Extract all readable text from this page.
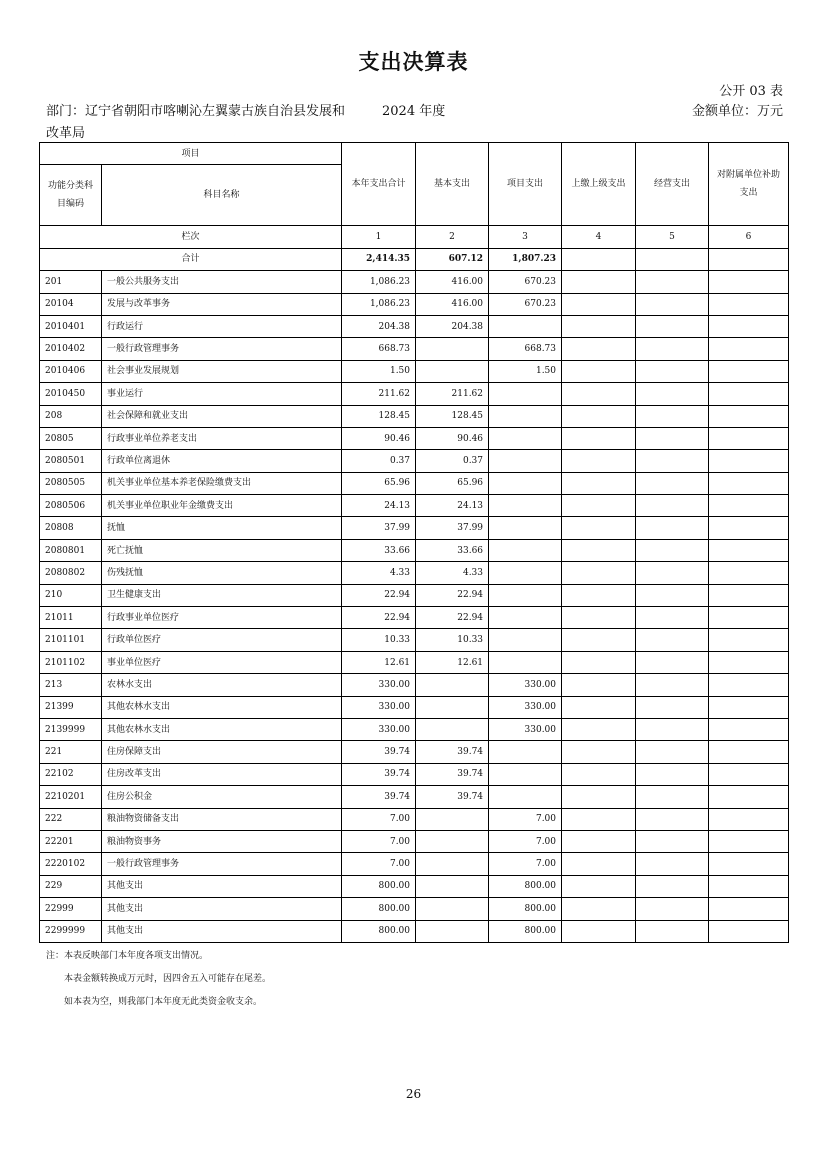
支出决算表
公开 03 表
部门：辽宁省朝阳市喀喇沁左翼蒙古族自治县发展和改革局
2024 年度	金额单位：万元
项目		本年支出合计	基本支出	项目支出	上缴上级支出	经营支出	对附属单位补助支出
功能分类科目编码	科目名称						
栏次		1	2	3	4	5	6
合计		2,414.35	607.12	1,807.23			
201	一般公共服务支出	1,086.23	416.00	670.23			
20104	发展与改革事务	1,086.23	416.00	670.23			
2010401	行政运行	204.38	204.38				
2010402	一般行政管理事务	668.73		668.73			
2010406	社会事业发展规划	1.50		1.50			
2010450	事业运行	211.62	211.62				
208	社会保障和就业支出	128.45	128.45				
20805	行政事业单位养老支出	90.46	90.46				
2080501	行政单位离退休	0.37	0.37				
2080505	机关事业单位基本养老保险缴费支出	65.96	65.96				
2080506	机关事业单位职业年金缴费支出	24.13	24.13				
20808	抚恤	37.99	37.99				
2080801	死亡抚恤	33.66	33.66				
2080802	伤残抚恤	4.33	4.33				
210	卫生健康支出	22.94	22.94				
21011	行政事业单位医疗	22.94	22.94				
2101101	行政单位医疗	10.33	10.33				
2101102	事业单位医疗	12.61	12.61				
213	农林水支出	330.00		330.00			
21399	其他农林水支出	330.00		330.00			
2139999	其他农林水支出	330.00		330.00			
221	住房保障支出	39.74	39.74				
22102	住房改革支出	39.74	39.74				
2210201	住房公积金	39.74	39.74				
222	粮油物资储备支出	7.00		7.00			
22201	粮油物资事务	7.00		7.00			
2220102	一般行政管理事务	7.00		7.00			
229	其他支出	800.00		800.00			
22999	其他支出	800.00		800.00			
2299999	其他支出	800.00		800.00			
注：本表反映部门本年度各项支出情况。
本表金额转换成万元时，因四舍五入可能存在尾差。
如本表为空，则我部门本年度无此类资金收支余。
26
